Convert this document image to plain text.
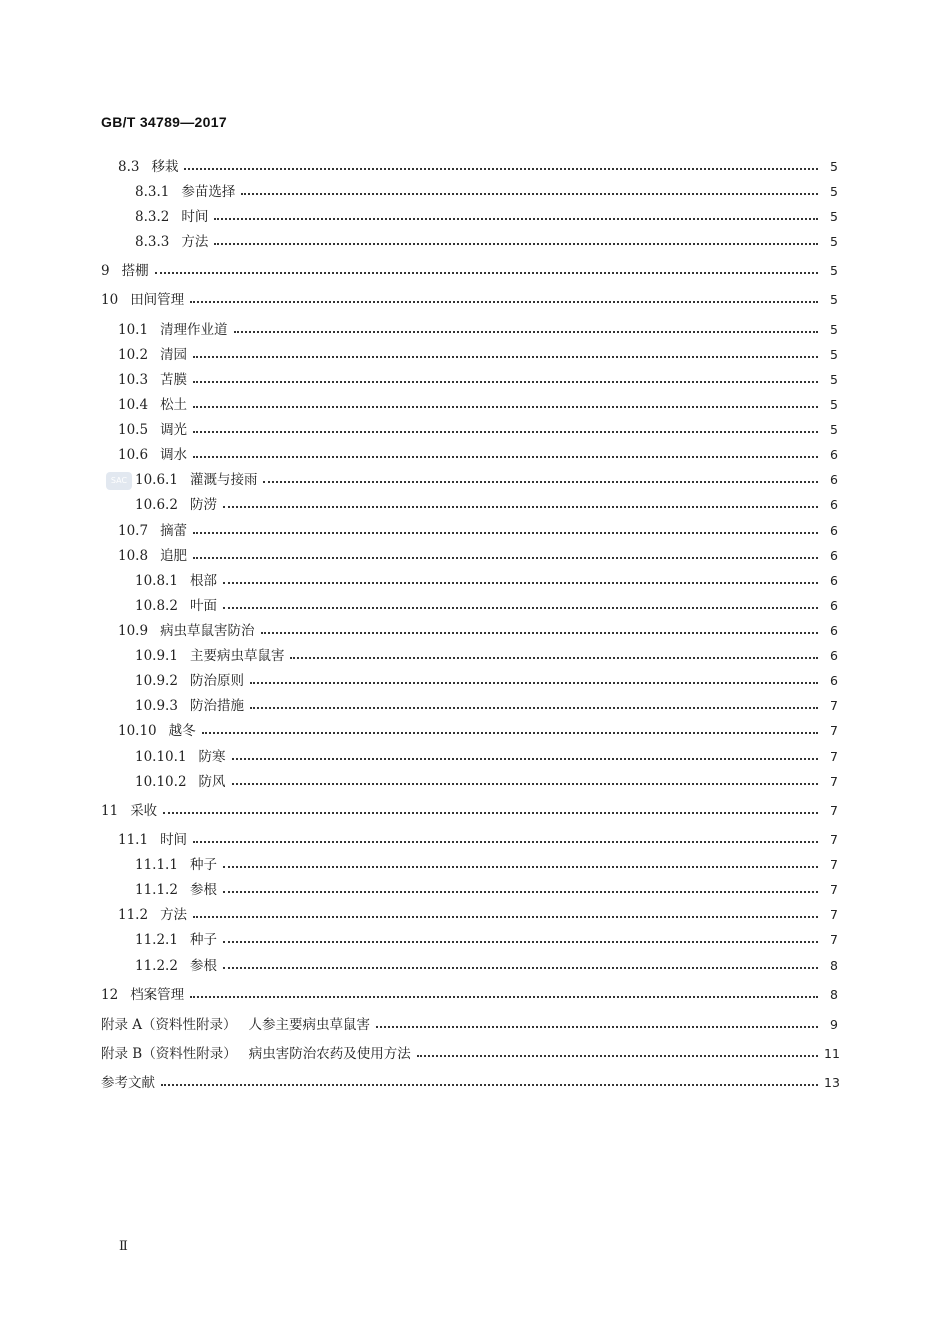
GB/T 34789—2017
SAC
8.3 移栽	5
8.3.1 参苗选择	5
8.3.2 时间	5
8.3.3 方法	5
9 搭棚	5
10 田间管理	5
10.1 清理作业道	5
10.2 清园	5
10.3 苫膜	5
10.4 松土	5
10.5 调光	5
10.6 调水	6
10.6.1 灌溉与接雨	6
10.6.2 防涝	6
10.7 摘蕾	6
10.8 追肥	6
10.8.1 根部	6
10.8.2 叶面	6
10.9 病虫草鼠害防治	6
10.9.1 主要病虫草鼠害	6
10.9.2 防治原则	6
10.9.3 防治措施	7
10.10 越冬	7
10.10.1 防寒	7
10.10.2 防风	7
11 采收	7
11.1 时间	7
11.1.1 种子	7
11.1.2 参根	7
11.2 方法	7
11.2.1 种子	7
11.2.2 参根	8
12 档案管理	8
附录 A（资料性附录） 人参主要病虫草鼠害	9
附录 B（资料性附录） 病虫害防治农药及使用方法	11
参考文献	13
Ⅱ
